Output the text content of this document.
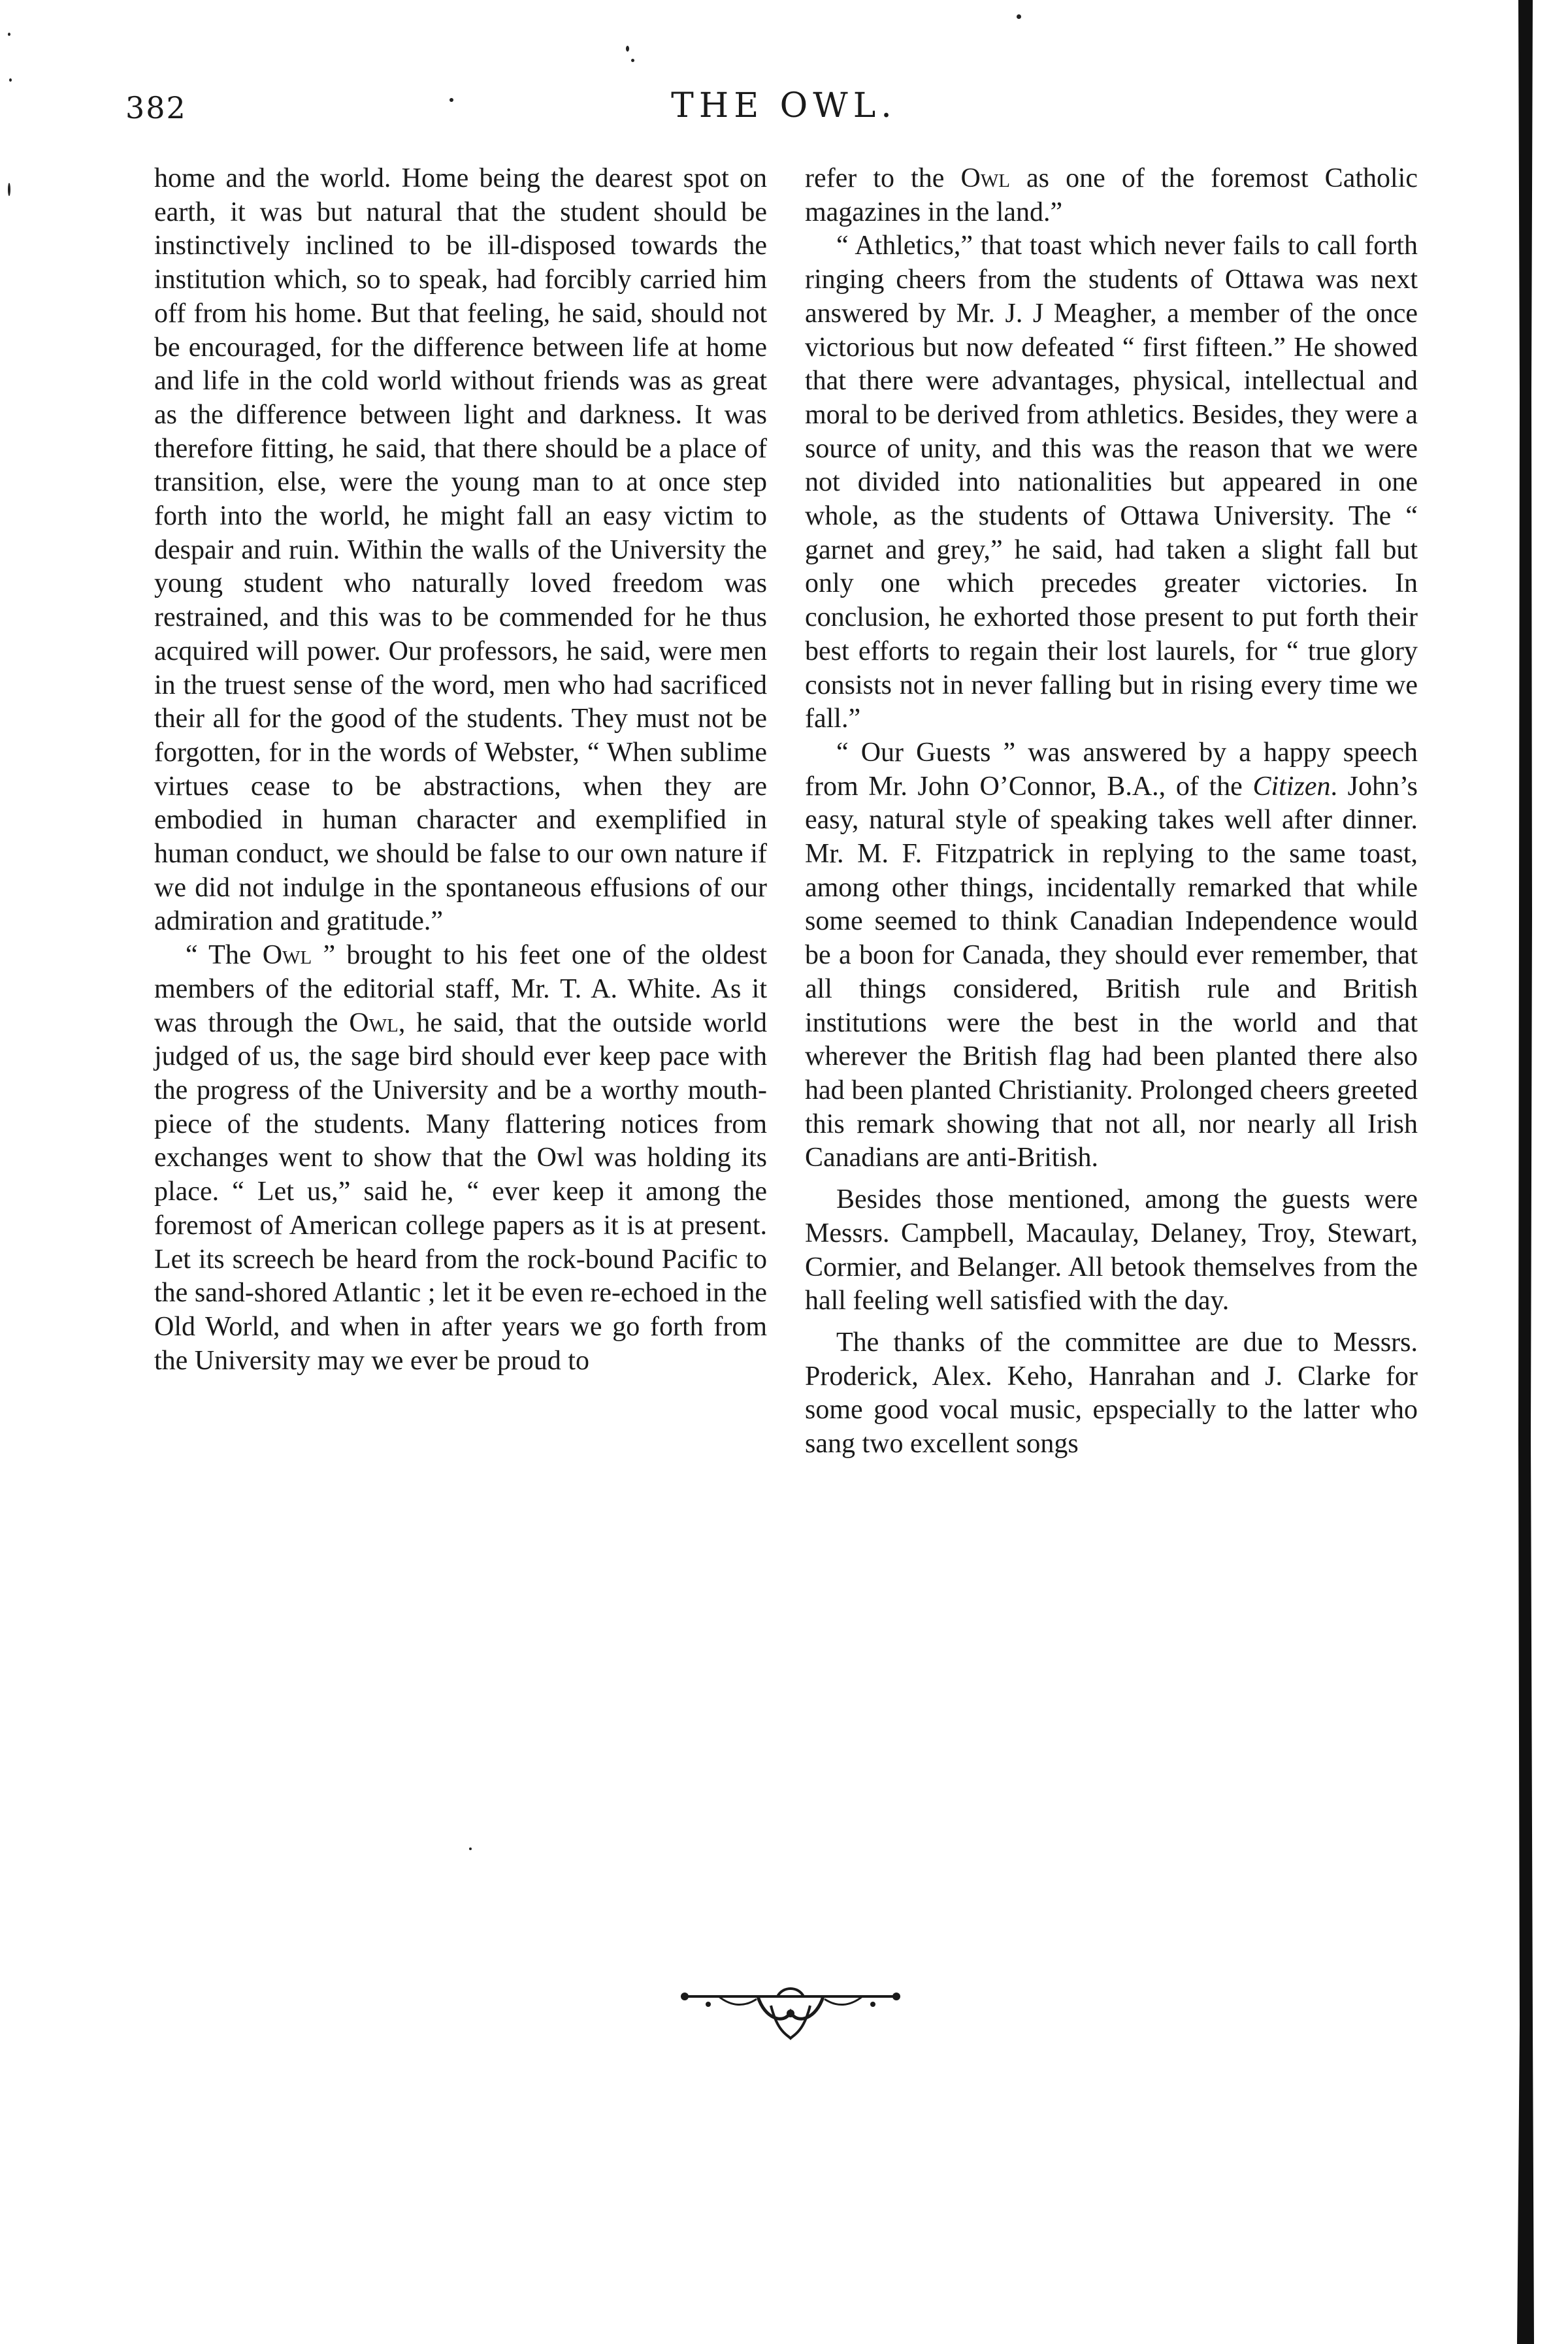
382	THE OWL.

home and the world. Home being the dearest spot on earth, it was but natural that the student should be instinctively inclined to be ill-disposed towards the institution which, so to speak, had forcibly carried him off from his home. But that feeling, he said, should not be encouraged, for the difference between life at home and life in the cold world without friends was as great as the difference between light and darkness. It was therefore fitting, he said, that there should be a place of transition, else, were the young man to at once step forth into the world, he might fall an easy victim to despair and ruin. Within the walls of the University the young student who naturally loved freedom was restrained, and this was to be commended for he thus acquired will power. Our professors, he said, were men in the truest sense of the word, men who had sacrificed their all for the good of the students. They must not be forgotten, for in the words of Webster, “ When sublime virtues cease to be abstractions, when they are embodied in human character and exemplified in human conduct, we should be false to our own nature if we did not indulge in the spontaneous effusions of our admiration and gratitude.”

“ The Owl ” brought to his feet one of the oldest members of the editorial staff, Mr. T. A. White. As it was through the Owl, he said, that the outside world judged of us, the sage bird should ever keep pace with the progress of the University and be a worthy mouth-piece of the students. Many flattering notices from exchanges went to show that the Owl was holding its place. “ Let us,” said he, “ ever keep it among the foremost of American college papers as it is at present. Let its screech be heard from the rock-bound Pacific to the sand-shored Atlantic ; let it be even re-echoed in the Old World, and when in after years we go forth from the University may we ever be proud to

refer to the Owl as one of the foremost Catholic magazines in the land.”

“ Athletics,” that toast which never fails to call forth ringing cheers from the students of Ottawa was next answered by Mr. J. J Meagher, a member of the once victorious but now defeated “ first fifteen.” He showed that there were advantages, physical, intellectual and moral to be derived from athletics. Besides, they were a source of unity, and this was the reason that we were not divided into nationalities but appeared in one whole, as the students of Ottawa University. The “ garnet and grey,” he said, had taken a slight fall but only one which precedes greater victories. In conclusion, he exhorted those present to put forth their best efforts to regain their lost laurels, for “ true glory consists not in never falling but in rising every time we fall.”

“ Our Guests ” was answered by a happy speech from Mr. John O’Connor, B.A., of the Citizen. John’s easy, natural style of speaking takes well after dinner. Mr. M. F. Fitzpatrick in replying to the same toast, among other things, incidentally remarked that while some seemed to think Canadian Independence would be a boon for Canada, they should ever remember, that all things considered, British rule and British institutions were the best in the world and that wherever the British flag had been planted there also had been planted Christianity. Prolonged cheers greeted this remark showing that not all, nor nearly all Irish Canadians are anti-British.

Besides those mentioned, among the guests were Messrs. Campbell, Macaulay, Delaney, Troy, Stewart, Cormier, and Belanger. All betook themselves from the hall feeling well satisfied with the day.

The thanks of the committee are due to Messrs. Proderick, Alex. Keho, Hanrahan and J. Clarke for some good vocal music, epspecially to the latter who sang two excellent songs
